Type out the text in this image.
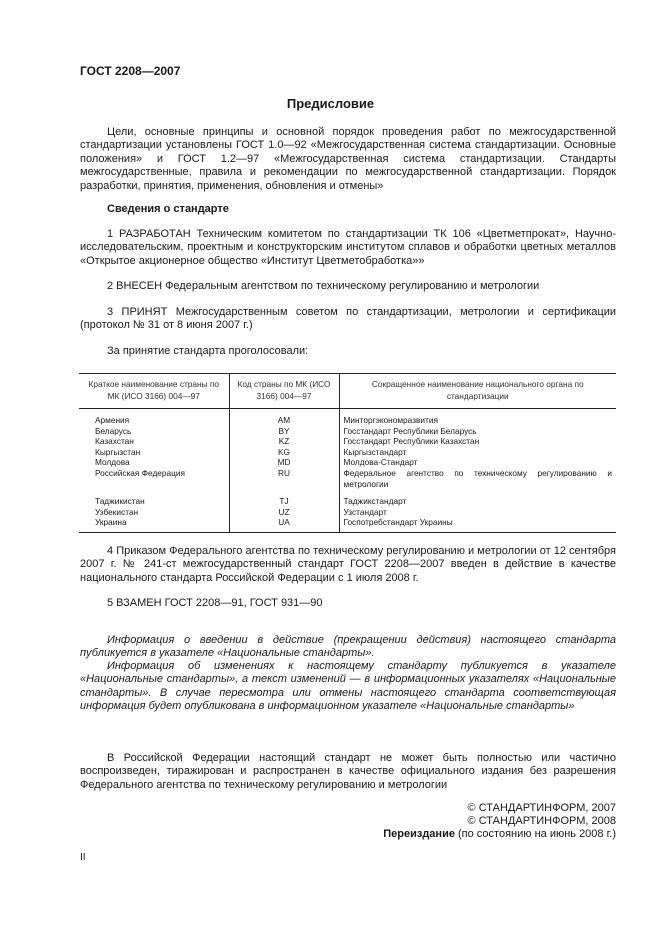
ГОСТ 2208—2007
Предисловие

Цели, основные принципы и основной порядок проведения работ по межгосударственной стандартизации установлены ГОСТ 1.0—92 «Межгосударственная система стандартизации. Основные положения» и ГОСТ 1.2—97 «Межгосударственная система стандартизации. Стандарты межгосударственные, правила и рекомендации по межгосударственной стандартизации. Порядок разработки, принятия, применения, обновления и отмены»

Сведения о стандарте

1 РАЗРАБОТАН Техническим комитетом по стандартизации ТК 106 «Цветметпрокат», Научно-исследовательским, проектным и конструкторским институтом сплавов и обработки цветных металлов «Открытое акционерное общество «Институт Цветметобработка»»

2 ВНЕСЕН Федеральным агентством по техническому регулированию и метрологии

3 ПРИНЯТ Межгосударственным советом по стандартизации, метрологии и сертификации (протокол № 31 от 8 июня 2007 г.)

За принятие стандарта проголосовали:

Краткое наименование страны по МК (ИСО 3166) 004—97	Код страны по МК (ИСО 3166) 004—97	Сокращенное наименование национального органа по стандартизации
Армения	AM	Минторгэкономразвития
Беларусь	BY	Госстандарт Республики Беларусь
Казахстан	KZ	Госстандарт Республики Казахстан
Кыргызстан	KG	Кыргызстандарт
Молдова	MD	Молдова-Стандарт
Российская Федерация	RU	Федеральное агентство по техническому регулированию и метрологии
Таджикистан	TJ	Таджикстандарт
Узбекистан	UZ	Узстандарт
Украина	UA	Госпотребстандарт Украины

4 Приказом Федерального агентства по техническому регулированию и метрологии от 12 сентября 2007 г. № 241-ст межгосударственный стандарт ГОСТ 2208—2007 введен в действие в качестве национального стандарта Российской Федерации с 1 июля 2008 г.

5 ВЗАМЕН ГОСТ 2208—91, ГОСТ 931—90

Информация о введении в действие (прекращении действия) настоящего стандарта публикуется в указателе «Национальные стандарты».

Информация об изменениях к настоящему стандарту публикуется в указателе «Национальные стандарты», а текст изменений — в информационных указателях «Национальные стандарты». В случае пересмотра или отмены настоящего стандарта соответствующая информация будет опубликована в информационном указателе «Национальные стандарты»

В Российской Федерации настоящий стандарт не может быть полностью или частично воспроизведен, тиражирован и распространен в качестве официального издания без разрешения Федерального агентства по техническому регулированию и метрологии

© СТАНДАРТИНФОРМ, 2007
© СТАНДАРТИНФОРМ, 2008
Переиздание (по состоянию на июнь 2008 г.)
II
